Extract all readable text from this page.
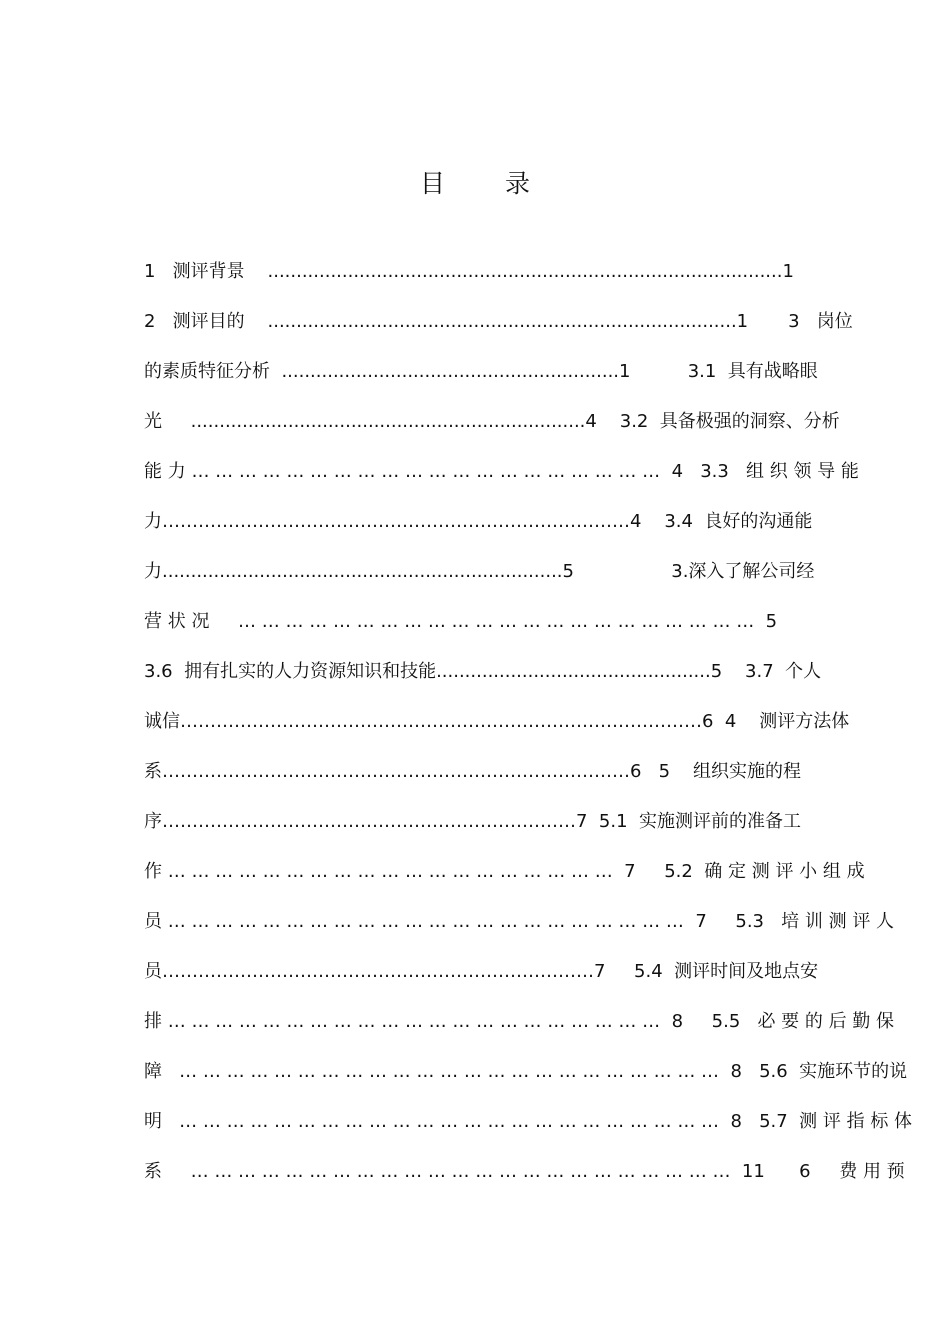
目 录
1   测评背景    ..........................................................................................1
2   测评目的    ..................................................................................1       3   岗位
的素质特征分析  ...........................................................1          3.1  具有战略眼
光     .....................................................................4    3.2  具备极强的洞察、分析
能 力 … … … … … … … … … … … … … … … … … … … …  4   3.3   组 织 领 导 能
力……………………………………………………………………4    3.4  良好的沟通能
力......................................................................5                 3.深入了解公司经
营 状 况     … … … … … … … … … … … … … … … … … … … … … …  5
3.6  拥有扎实的人力资源知识和技能................................................5    3.7  个人
诚信……………………………………………………………………………6  4    测评方法体
系……………………………………………………………………6   5    组织实施的程
序……………………………………………………………7  5.1  实施测评前的准备工
作 … … … … … … … … … … … … … … … … … … …  7     5.2  确 定 测 评 小 组 成
员 … … … … … … … … … … … … … … … … … … … … … …  7     5.3   培 训 测 评 人
员………………………………………………………………7     5.4  测评时间及地点安
排 … … … … … … … … … … … … … … … … … … … … …  8     5.5   必 要 的 后 勤 保
障   … … … … … … … … … … … … … … … … … … … … … … …  8   5.6  实施环节的说
明   … … … … … … … … … … … … … … … … … … … … … … …  8   5.7  测 评 指 标 体
系     … … … … … … … … … … … … … … … … … … … … … … …  11      6     费 用 预
